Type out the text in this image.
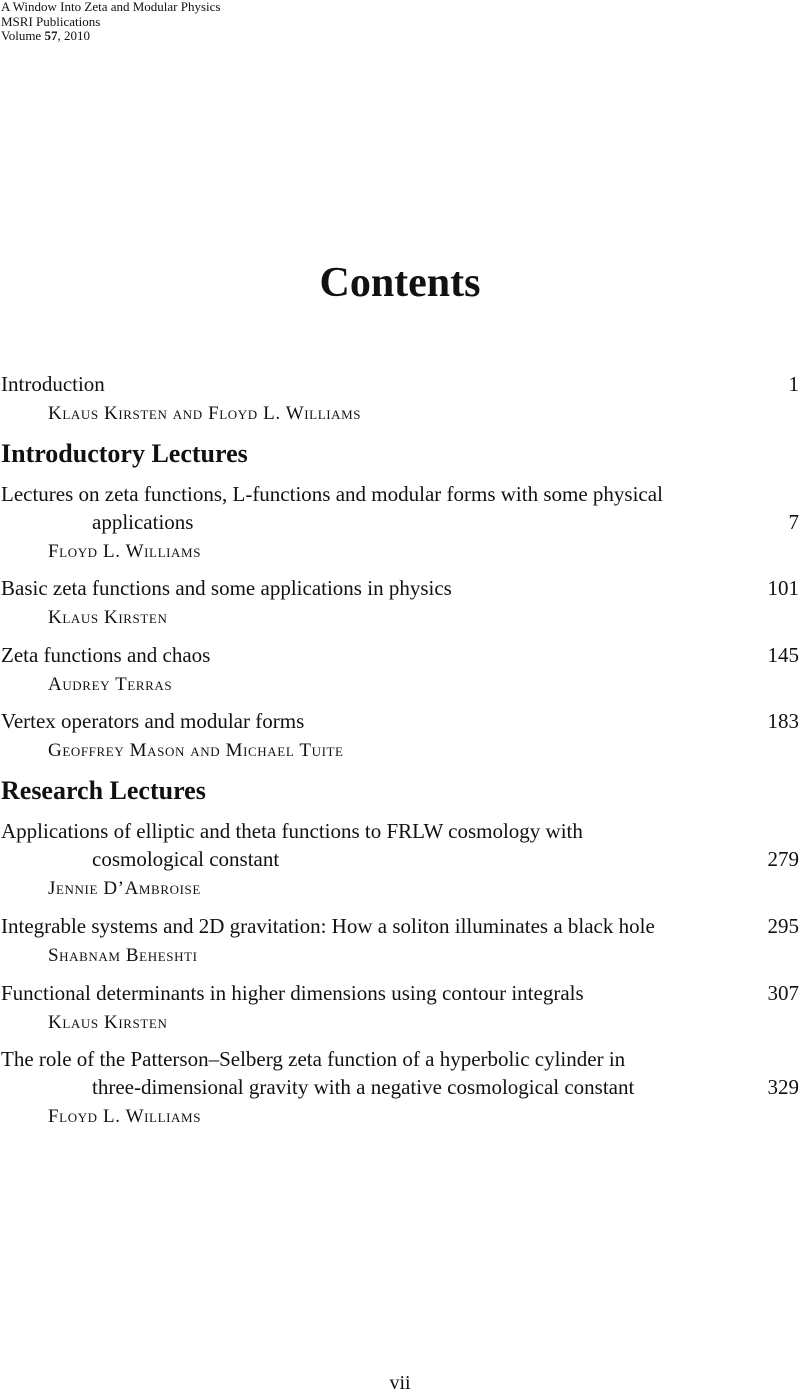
A Window Into Zeta and Modular Physics
MSRI Publications
Volume 57, 2010
Contents
Introduction	1
Klaus Kirsten and Floyd L. Williams
Introductory Lectures
Lectures on zeta functions, L-functions and modular forms with some physical
applications	7
Floyd L. Williams
Basic zeta functions and some applications in physics	101
Klaus Kirsten
Zeta functions and chaos	145
Audrey Terras
Vertex operators and modular forms	183
Geoffrey Mason and Michael Tuite
Research Lectures
Applications of elliptic and theta functions to FRLW cosmology with
cosmological constant	279
Jennie D’Ambroise
Integrable systems and 2D gravitation: How a soliton illuminates a black hole	295
Shabnam Beheshti
Functional determinants in higher dimensions using contour integrals	307
Klaus Kirsten
The role of the Patterson–Selberg zeta function of a hyperbolic cylinder in
three-dimensional gravity with a negative cosmological constant	329
Floyd L. Williams
vii
